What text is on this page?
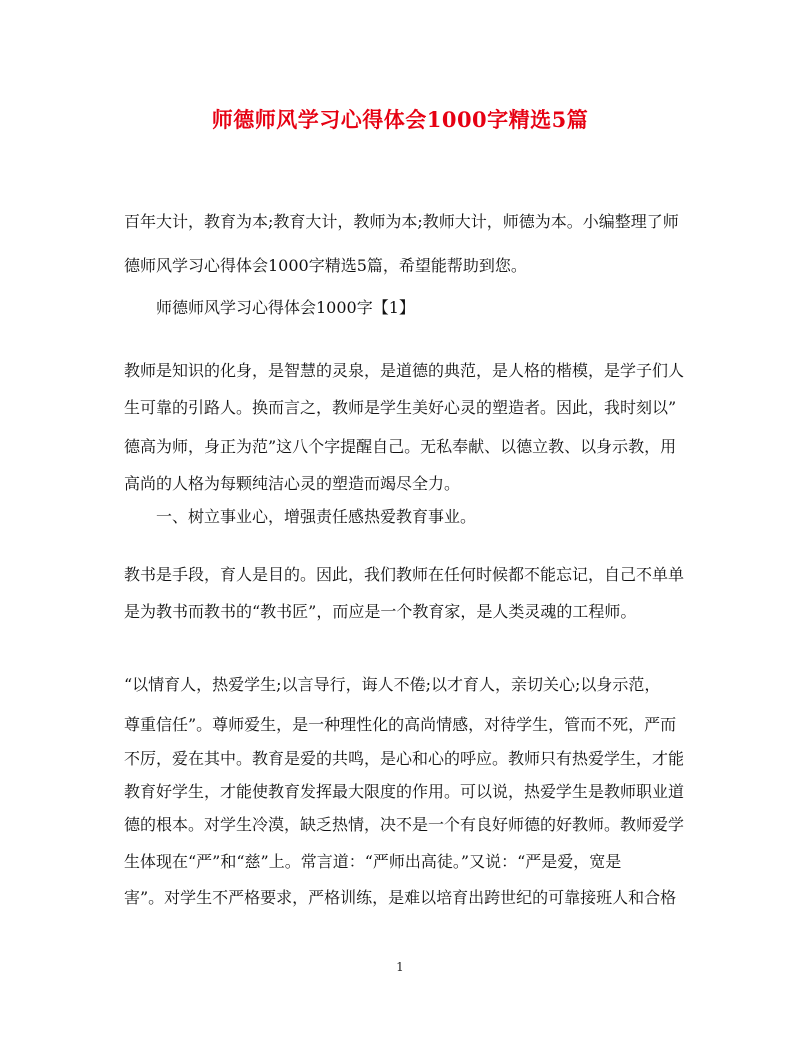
师德师风学习心得体会1000字精选5篇
百年大计，教育为本;教育大计，教师为本;教师大计，师德为本。小编整理了师
德师风学习心得体会1000字精选5篇，希望能帮助到您。
师德师风学习心得体会1000字【1】
教师是知识的化身，是智慧的灵泉，是道德的典范，是人格的楷模，是学子们人
生可靠的引路人。换而言之，教师是学生美好心灵的塑造者。因此，我时刻以”
德高为师，身正为范”这八个字提醒自己。无私奉献、以德立教、以身示教，用
高尚的人格为每颗纯洁心灵的塑造而竭尽全力。
一、树立事业心，增强责任感热爱教育事业。
教书是手段，育人是目的。因此，我们教师在任何时候都不能忘记，自己不单单
是为教书而教书的“教书匠”，而应是一个教育家，是人类灵魂的工程师。
“以情育人，热爱学生;以言导行，诲人不倦;以才育人，亲切关心;以身示范，
尊重信任”。尊师爱生，是一种理性化的高尚情感，对待学生，管而不死，严而
不厉，爱在其中。教育是爱的共鸣，是心和心的呼应。教师只有热爱学生，才能
教育好学生，才能使教育发挥最大限度的作用。可以说，热爱学生是教师职业道
德的根本。对学生冷漠，缺乏热情，决不是一个有良好师德的好教师。教师爱学
生体现在“严”和“慈”上。常言道：“严师出高徒。”又说：“严是爱，宽是
害”。对学生不严格要求，严格训练，是难以培育出跨世纪的可靠接班人和合格
1
